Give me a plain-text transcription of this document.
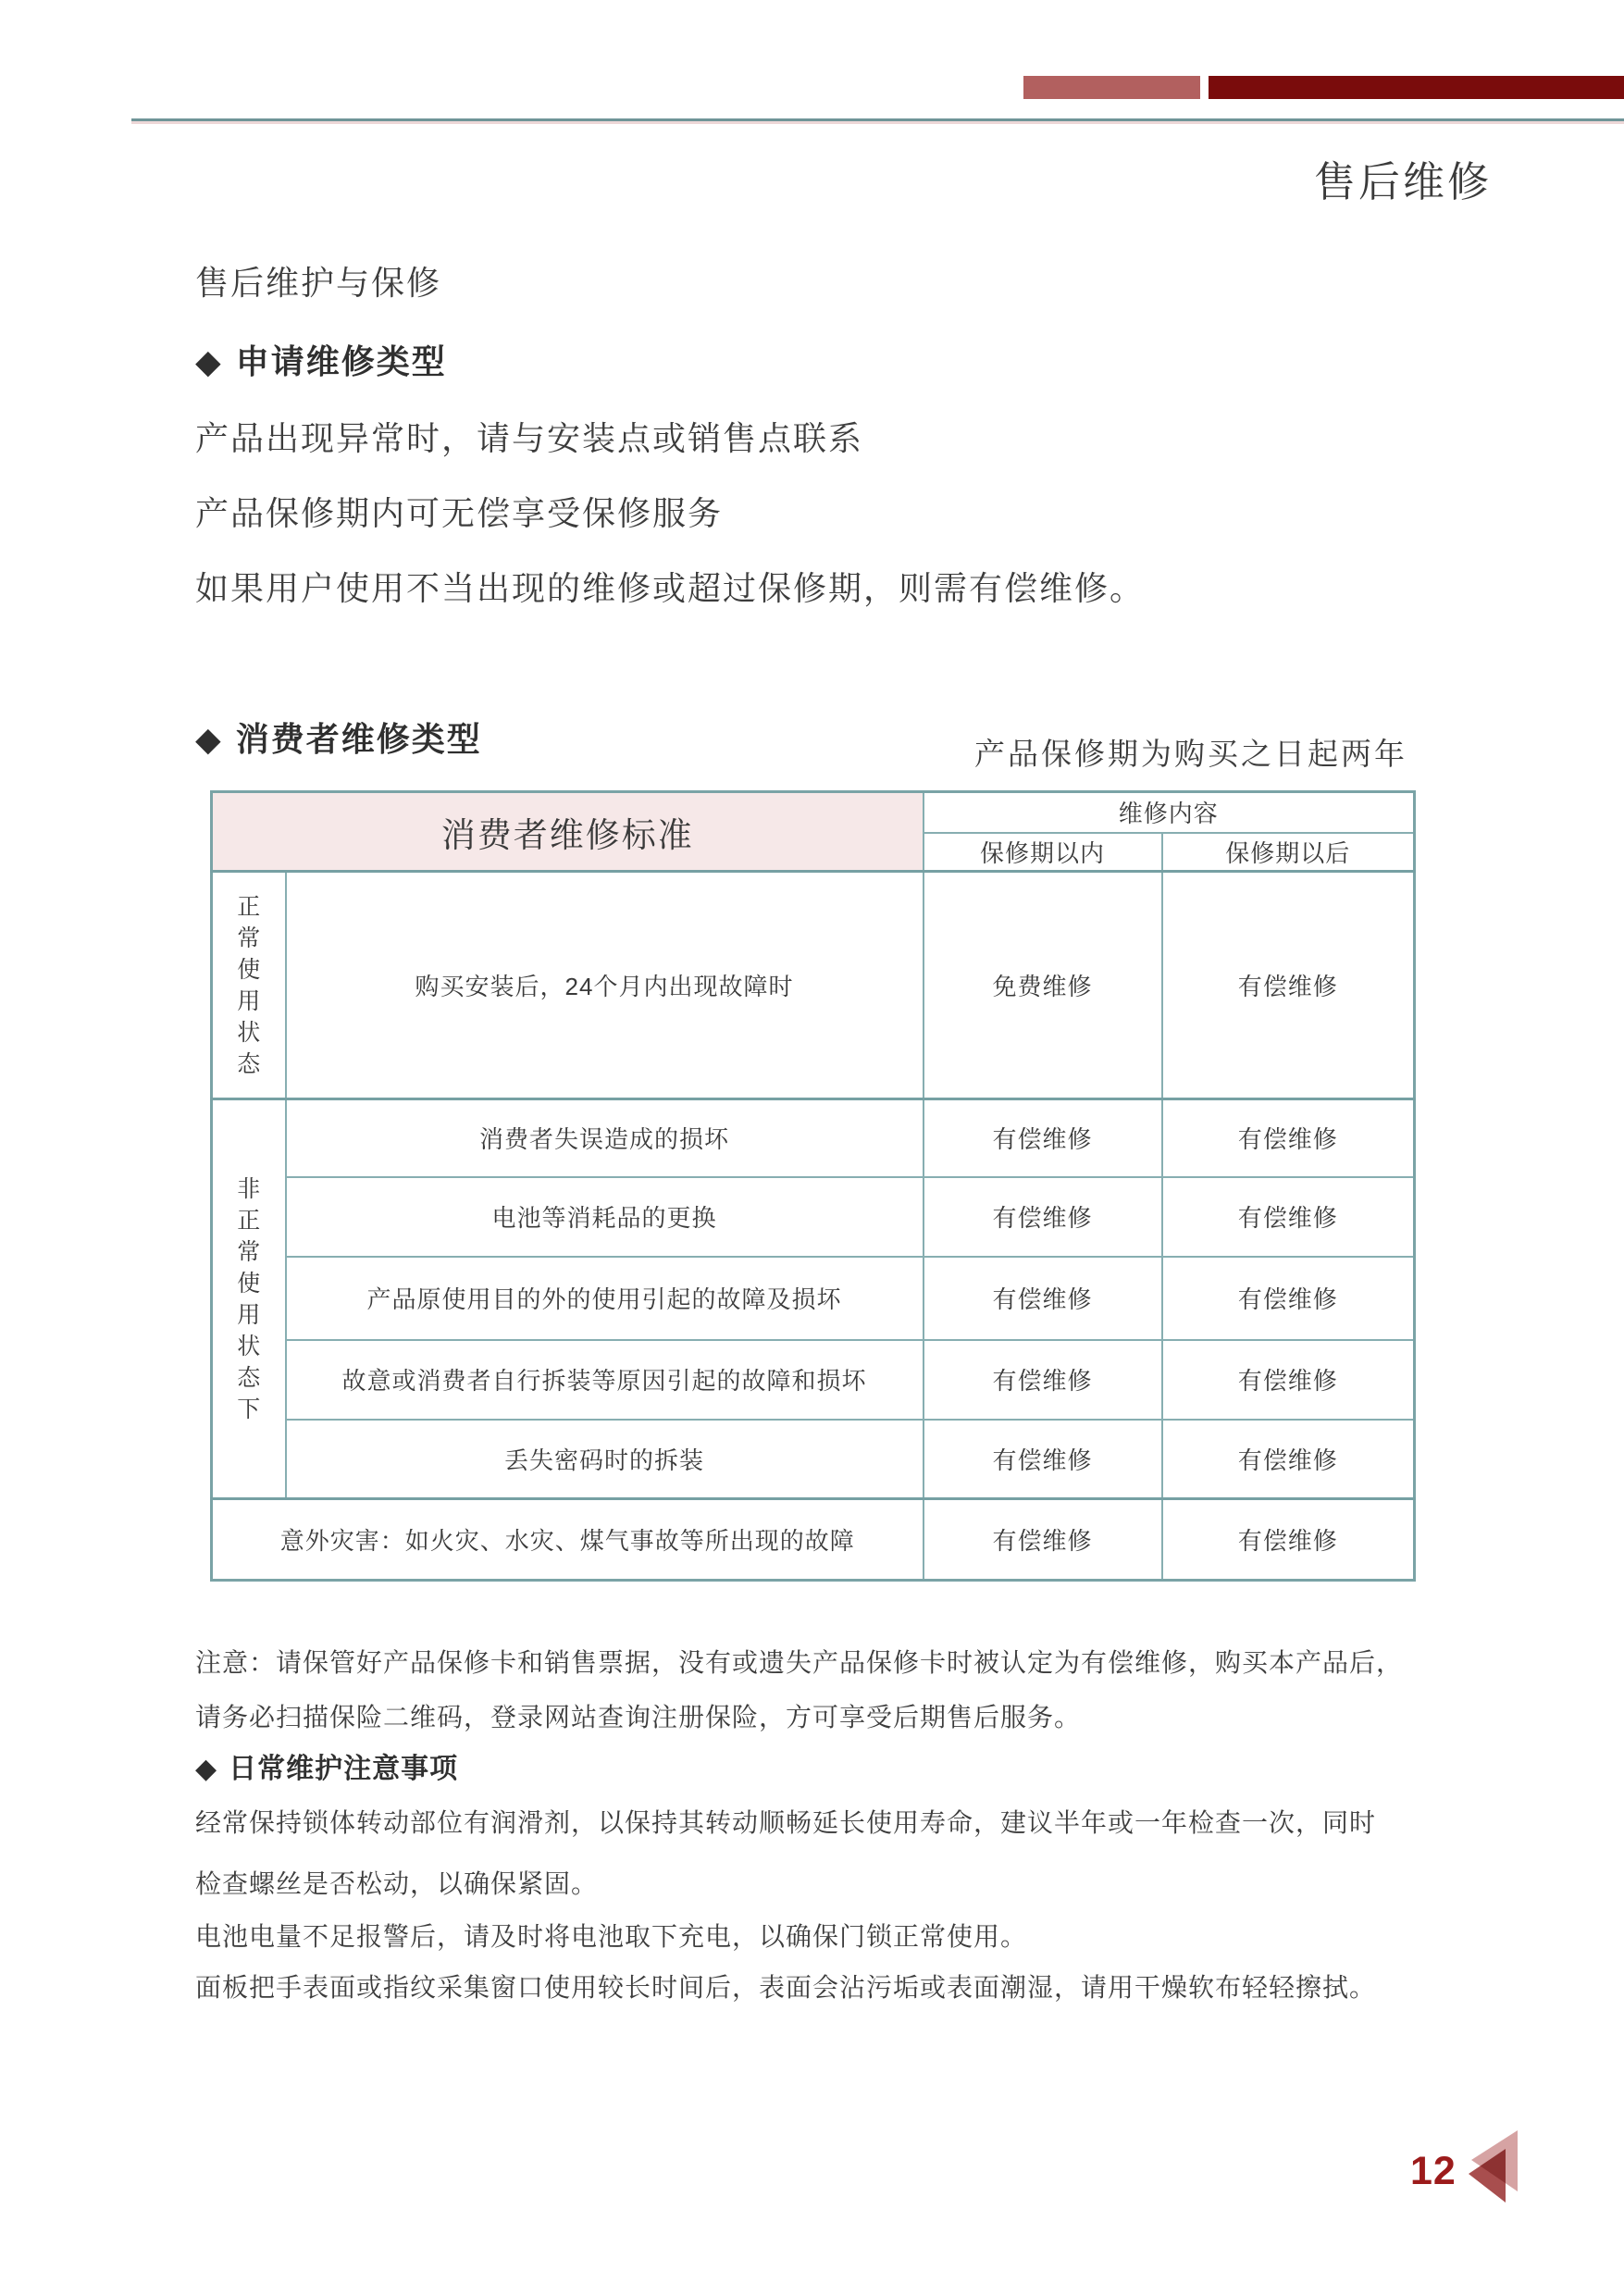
售后维修
售后维护与保修
◆ 申请维修类型
产品出现异常时，请与安装点或销售点联系
产品保修期内可无偿享受保修服务
如果用户使用不当出现的维修或超过保修期，则需有偿维修。
◆ 消费者维修类型	产品保修期为购买之日起两年
消费者维修标准		维修内容	
		保修期以内	保修期以后

正常使用状态	购买安装后，24个月内出现故障时	免费维修	有偿维修

非正常使用状态下	消费者失误造成的损坏	有偿维修	有偿维修
	电池等消耗品的更换	有偿维修	有偿维修
	产品原使用目的外的使用引起的故障及损坏	有偿维修	有偿维修
	故意或消费者自行拆装等原因引起的故障和损坏	有偿维修	有偿维修
	丢失密码时的拆装	有偿维修	有偿维修
意外灾害：如火灾、水灾、煤气事故等所出现的故障		有偿维修	有偿维修
注意：请保管好产品保修卡和销售票据，没有或遗失产品保修卡时被认定为有偿维修，购买本产品后，
请务必扫描保险二维码，登录网站查询注册保险，方可享受后期售后服务。
◆ 日常维护注意事项
经常保持锁体转动部位有润滑剂，以保持其转动顺畅延长使用寿命，建议半年或一年检查一次，同时
检查螺丝是否松动，以确保紧固。
电池电量不足报警后，请及时将电池取下充电，以确保门锁正常使用。
面板把手表面或指纹采集窗口使用较长时间后，表面会沾污垢或表面潮湿，请用干燥软布轻轻擦拭。
12
